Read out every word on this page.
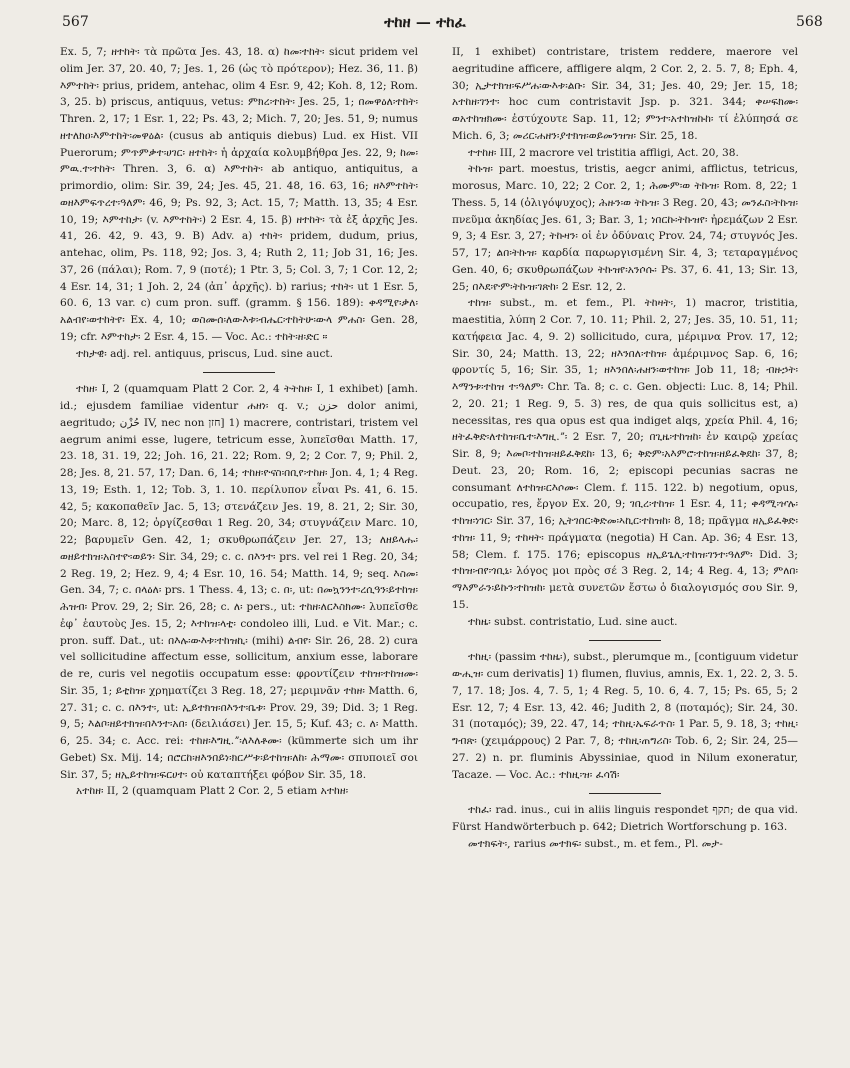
567	ተከዘ — ተከፈ	568

Ex. 5, 7; ዘተከት፡ τὰ πρῶτα Jes. 43, 18. α) ከመ፡ተከት፡ sicut pridem vel olim Jer. 37, 20. 40, 7; Jes. 1, 26 (ὡς τὸ πρότερον); Hez. 36, 11. β) እምተከት፡ prius, pridem, antehac, olim 4 Esr. 9, 42; Koh. 8, 12; Rom. 3, 25. b) priscus, antiquus, vetus: ምክረ፡ተከት፡ Jes. 25, 1; በመዋዕለ፡ተከት፡ Thren. 2, 17; 1 Esr. 1, 22; Ps. 43, 2; Mich. 7, 20; Jes. 51, 9; numus ዘተለክዐ፡እምተከት፡መዋዕል፡ (cusus ab antiquis diebus) Lud. ex Hist. VII Puerorum; ምጥምቃተ፡ሀገር፡ ዘተከት፡ ἡ ἀρχαία κολυμβήθρα Jes. 22, 9; ከመ፡ምዉ.ተ፡ተከት፡ Thren. 3, 6. α) እምተከት፡ ab antiquo, antiquitus, a primordio, olim: Sir. 39, 24; Jes. 45, 21. 48, 16. 63, 16; ዘእምተከት፡ወዘእምፍጥረተ፡ዓለም፡ 46, 9; Ps. 92, 3; Act. 15, 7; Matth. 13, 35; 4 Esr. 10, 19; እምተከታ፡ (v. እምተከት፡) 2 Esr. 4, 15. β) ዘተከት፡ τὰ ἐξ ἀρχῆς Jes. 41, 26. 42, 9. 43, 9. B) Adv. a) ተከት፡ pridem, dudum, prius, antehac, olim, Ps. 118, 92; Jos. 3, 4; Ruth 2, 11; Job 31, 16; Jes. 37, 26 (πάλαι); Rom. 7, 9 (ποτέ); 1 Ptr. 3, 5; Col. 3, 7; 1 Cor. 12, 2; 4 Esr. 14, 31; 1 Joh. 2, 24 (ἀπ᾽ ἀρχῆς). b) rarius; ተከት፡ ut 1 Esr. 5, 60. 6, 13 var. c) cum pron. suff. (gramm. § 156. 189): ቀዳሚየ፡ቃለ፡አልብየ፡ወተከትየ፡ Ex. 4, 10; ወስሙሰ፡ለውእቱ፡ብሔር፡ተከትሁ፡ውላ ምሐስ፡ Gen. 28, 19; cfr. እምተከታ፡ 2 Esr. 4, 15. — Voc. Ac.: ተከት፡ዘ፡ድር ።

ተከታዊ፡ adj. rel. antiquus, priscus, Lud. sine auct.

ተከዘ፡ I, 2 (quamquam Platt 2 Cor. 2, 4 ትትከዘ፡ I, 1 exhibet) [amh. id.; ejusdem familiae videntur ሐዘነ፡ q. v.; حزن dolor animi, aegritudo; حُزْن IV, nec non חזן] 1) macrere, contristari, tristem vel aegrum animi esse, lugere, tetricum esse, λυπεῖσθαι Matth. 17, 23. 18, 31. 19, 22; Joh. 16, 21. 22; Rom. 9, 2; 2 Cor. 7, 9; Phil. 2, 28; Jes. 8, 21. 57, 17; Dan. 6, 14; ተከዘ፡ዮናስ፡በቢየ፡ተከዘ፡ Jon. 4, 1; 4 Reg. 13, 19; Esth. 1, 12; Tob. 3, 1. 10. περίλυπον εἶναι Ps. 41, 6. 15. 42, 5; κακοπαθεῖν Jac. 5, 13; στενάζειν Jes. 19, 8. 21, 2; Sir. 30, 20; Marc. 8, 12; ὀργίζεσθαι 1 Reg. 20, 34; στυγνάζειν Marc. 10, 22; βαρυμεῖν Gen. 42, 1; σκυθρωπάζειν Jer. 27, 13; ለዘይላሑ፡ወዘይተክዝ፡አስተዮ፡ወይን፡ Sir. 34, 29; c. c. በእንተ፡ prs. vel rei 1 Reg. 20, 34; 2 Reg. 19, 2; Hez. 9, 4; 4 Esr. 10, 16. 54; Matth. 14, 9; seq. እስመ፡ Gen. 34, 7; c. በላዕለ፡ prs. 1 Thess. 4, 13; c. በ፡, ut: በመኳንንተ፡ረሲዓን፡ይተከዝ፡ሕዝብ፡ Prov. 29, 2; Sir. 26, 28; c. ለ፡ pers., ut: ተከዘ፡ለርእስክሙ፡ λυπεῖσθε ἐφ᾽ ἑαυτοὺς Jes. 15, 2; እተከዝ፡ላቲ፡ condoleo illi, Lud. e Vit. Mar.; c. pron. suff. Dat., ut: በእሉ፡ውእቱ፡ተከዝኪ፡ (mihi) ልብየ፡ Sir. 26, 28. 2) cura vel sollicitudine affectum esse, sollicitum, anxium esse, laborare de re, curis vel negotiis occupatum esse: φροντίζειν ተከዝ፡ተከዝሙ፡ Sir. 35, 1; ይቲከዝ፡ χρηματίζει 3 Reg. 18, 27; μεριμνᾶν ተከዘ፡ Matth. 6, 27. 31; c. c. በእንተ፡, ut: ኢይተክዝ፡በእንተ፡ቤቱ፡ Prov. 29, 39; Did. 3; 1 Reg. 9, 5; እልቦ፡ዘይተክዝ፡በእንተ፡አበ፡ (δειλιάσει) Jer. 15, 5; Kuf. 43; c. ለ፡ Matth. 6, 25. 34; c. Acc. rei: ተከዘ፡እግዚ.ˮ፡ለእለቶሙ፡ (kümmerte sich um ihr Gebet) Sx. Mij. 14; በሮርከ፡ዘእንበይነ፡ክርሥቱ፡ይተከዝ፡ለከ፡ ሕማሙ፡ σπυποιεῖ σοι Sir. 37, 5; ዘኢይተከዝ፡ፍርሀተ፡ οὐ καταπτήξει φόβον Sir. 35, 18.

አተከዘ፡ II, 2 (quamquam Platt 2 Cor. 2, 5 etiam አተከዘ፡

II, 1 exhibet) contristare, tristem reddere, maerore vel aegritudine afficere, affligere alqm, 2 Cor. 2, 2. 5. 7, 8; Eph. 4, 30; ኢታተክዝ፡ፍሥሐ፡ውእቱ፡ልቡ፡ Sir. 34, 31; Jes. 40, 29; Jer. 15, 18; አተከዘ፡ገንተ፡ hoc cum contristavit Jsp. p. 321. 344; ቀሠፍክሙ፡ወአተከዝክሙ፡ ἐστύχουτε Sap. 11, 12; ምንተ፡አተከዝኩከ፡ τί ἐλύπησά σε Mich. 6, 3; መሪር፡ሐዘን፡ያተክዝ፡ወይመንዝዝ፡ Sir. 25, 18.

ተተከዘ፡ III, 2 macrore vel tristitia affligi, Act. 20, 38.

ትኩዝ፡ part. moestus, tristis, aegcr animi, afflictus, tetricus, morosus, Marc. 10, 22; 2 Cor. 2, 1; ሕሙም፡ወ ትኩዝ፡ Rom. 8, 22; 1 Thess. 5, 14 (ὀλιγόψυχος); ሕዙን፡ወ ትኩዝ፡ 3 Reg. 20, 43; መንፈስ፡ትኩዝ፡ πνεῦμα ἀκηδίας Jes. 61, 3; Bar. 3, 1; ነበርኩ፡ትኩዝየ፡ ἠρεμάζων 2 Esr. 9, 3; 4 Esr. 3, 27; ትኩዛን፡ οἱ ἐν ὀδύναις Prov. 24, 74; στυγνός Jes. 57, 17; ልበ፡ትኩዝ፡ καρδία παρωργισμένη Sir. 4, 3; τεταραγμένος Gen. 40, 6; σκυθρωπάζων ትኩዝየ፡አንሶሱ፡ Ps. 37, 6. 41, 13; Sir. 13, 25; በእደ፡ዮም፡ትኩዝ፡ገጽከ፡ 2 Esr. 12, 2.

ተከዝ፡ subst., m. et fem., Pl. ትከዛት፡, 1) macror, tristitia, maestitia, λύπη 2 Cor. 7, 10. 11; Phil. 2, 27; Jes. 35, 10. 51, 11; κατήφεια Jac. 4, 9. 2) sollicitudo, cura, μέριμνα Prov. 17, 12; Sir. 30, 24; Matth. 13, 22; ዘእንበለ፡ተከዝ፡ ἀμέριμνος Sap. 6, 16; φροντίς 5, 16; Sir. 35, 1; ዘእንበለ፡ሐዘን፡ወተከዝ፡ Job 11, 18; ብዙኃት፡እማንቱ፡ተከዝ ተ፡ዓለም፡ Chr. Ta. 8; c. c. Gen. objecti: Luc. 8, 14; Phil. 2, 20. 21; 1 Reg. 9, 5. 3) res, de qua quis sollicitus est, a) necessitas, res qua opus est qua indiget alqs, χρεία Phil. 4, 16; ዘትፈቅድ፡ለተከዝ፡ቤተ፡እግዚ.ˮ፡ 2 Esr. 7, 20; በጊዜ፡ተከዝከ፡ ἐν καιρῷ χρείας Sir. 8, 9; እመቦ፡ተከዝ፡ዘይፈቅደከ፡ 13, 6; ቅድም፡አእምሮ፡ተከዝ፡ዘይፈቅደከ፡ 37, 8; Deut. 23, 20; Rom. 16, 2; episcopi pecunias sacras ne consumant ለተከዝ፡ርእሶሙ፡ Clem. f. 115. 122. b) negotium, opus, occupatio, res, ἔργον Ex. 20, 9; ገቢረ፡ተከዝ፡ 1 Esr. 4, 11; ቀዳሚ፡ዦሉ፡ተከዝ፡ነገር፡ Sir. 37, 16; ኢትገበር፡ቅድመ፡ኣኪር፡ተከዝከ፡ 8, 18; πρᾶγμα ዘኢይፈቅድ፡ተከዝ፡ 11, 9; ተከዛት፡ πράγματα (negotia) H Can. Ap. 36; 4 Esr. 13, 58; Clem. f. 175. 176; episcopus ዘኢይጌሊ፡ተከዝ፡ገንተ፡ዓለም፡ Did. 3; ተከዝ፡ብየ፡ጎቢኒ፡ λόγος μοι πρὸς σέ 3 Reg. 2, 14; 4 Reg. 4, 13; ምለበ፡ማእምራን፡ይኩን፡ተከዝከ፡ μετὰ συνετῶν ἔστω ὁ διαλογισμός σου Sir. 9, 15.

ተከዜ፡ subst. contristatio, Lud. sine auct.

ተከዚ፡ (passim ተከዜ፡), subst., plerumque m., [contiguum videtur ውሒዝ፡ cum derivatis] 1) flumen, fluvius, amnis, Ex. 1, 22. 2, 3. 5. 7, 17. 18; Jos. 4, 7. 5, 1; 4 Reg. 5, 10. 6, 4. 7, 15; Ps. 65, 5; 2 Esr. 12, 7; 4 Esr. 13, 42. 46; Judith 2, 8 (ποταμός); Sir. 24, 30. 31 (ποταμός); 39, 22. 47, 14; ተከዚ፡ኤፍራጥስ፡ 1 Par. 5, 9. 18, 3; ተከዚ፡ግብጽ፡ (χειμάρρους) 2 Par. 7, 8; ተከዚ፡ጠግሪስ፡ Tob. 6, 2; Sir. 24, 25—27. 2) n. pr. fluminis Abyssiniae, quod in Nilum exoneratur, Tacaze. — Voc. Ac.: ተከዚ፡ዝ፡ ፈሳሽ፡

ተከፈ፡ rad. inus., cui in aliis linguis respondet תקף; de qua vid. Fürst Handwörterbuch p. 642; Dietrich Wortforschung p. 163.

መተክፍት፡, rarius መተክፍ፡ subst., m. et fem., Pl. መታ-
